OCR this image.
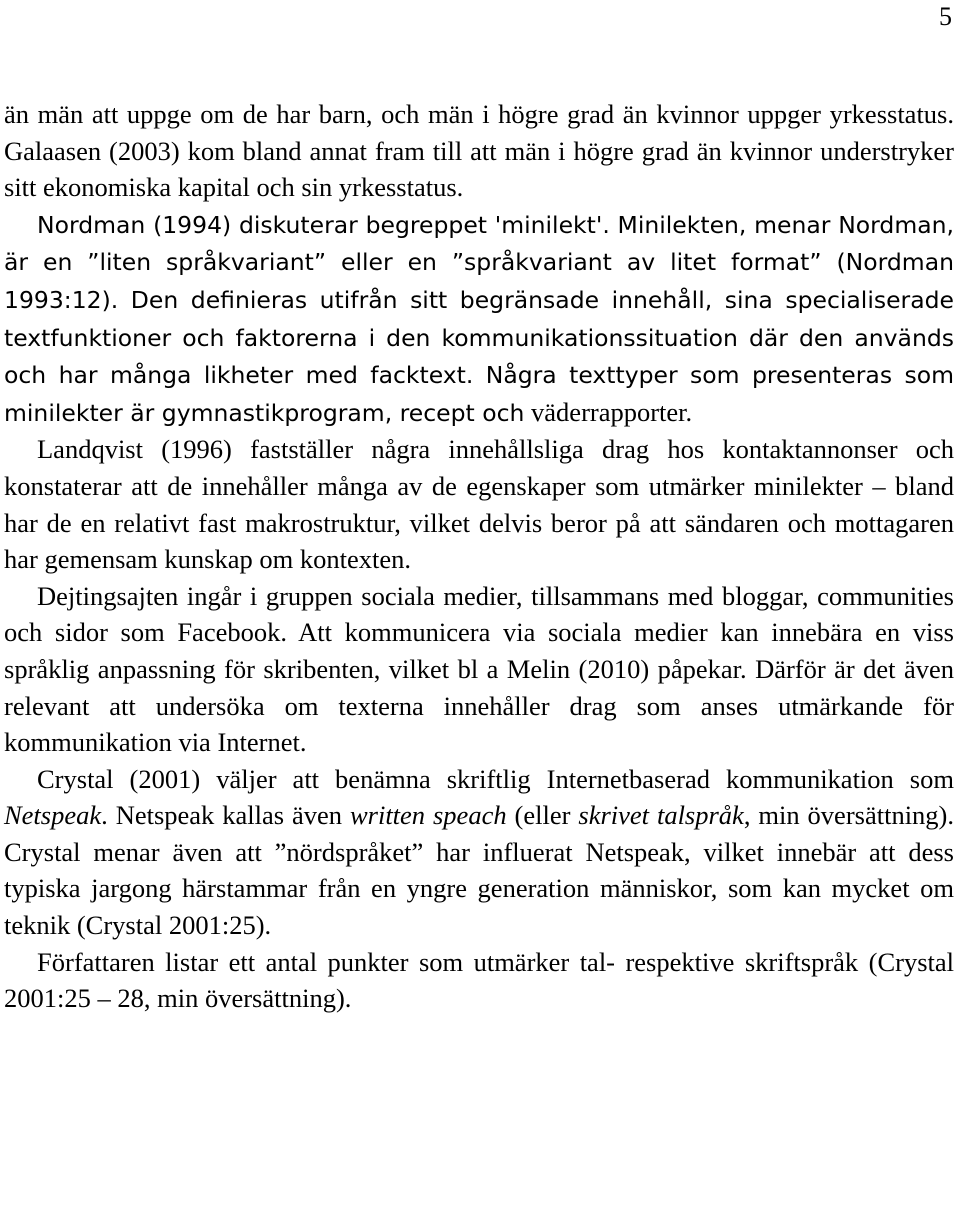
5

än män att uppge om de har barn, och män i högre grad än kvinnor uppger yrkesstatus. Galaasen (2003) kom bland annat fram till att män i högre grad än kvinnor understryker sitt ekonomiska kapital och sin yrkesstatus.

Nordman (1994) diskuterar begreppet 'minilekt'. Minilekten, menar Nordman, är en ”liten språkvariant” eller en ”språkvariant av litet format” (Nordman 1993:12). Den definieras utifrån sitt begränsade innehåll, sina specialiserade textfunktioner och faktorerna i den kommunikationssituation där den används och har många likheter med facktext. Några texttyper som presenteras som minilekter är gymnastikprogram, recept och väderrapporter.

Landqvist (1996) fastställer några innehållsliga drag hos kontaktannonser och konstaterar att de innehåller många av de egenskaper som utmärker minilekter – bland har de en relativt fast makrostruktur, vilket delvis beror på att sändaren och mottagaren har gemensam kunskap om kontexten.

Dejtingsajten ingår i gruppen sociala medier, tillsammans med bloggar, communities och sidor som Facebook. Att kommunicera via sociala medier kan innebära en viss språklig anpassning för skribenten, vilket bl a Melin (2010) påpekar. Därför är det även relevant att undersöka om texterna innehåller drag som anses utmärkande för kommunikation via Internet.

Crystal (2001) väljer att benämna skriftlig Internetbaserad kommunikation som Netspeak. Netspeak kallas även written speach (eller skrivet talspråk, min översättning). Crystal menar även att ”nördspråket” har influerat Netspeak, vilket innebär att dess typiska jargong härstammar från en yngre generation människor, som kan mycket om teknik (Crystal 2001:25).

Författaren listar ett antal punkter som utmärker tal- respektive skriftspråk (Crystal 2001:25 – 28, min översättning).
